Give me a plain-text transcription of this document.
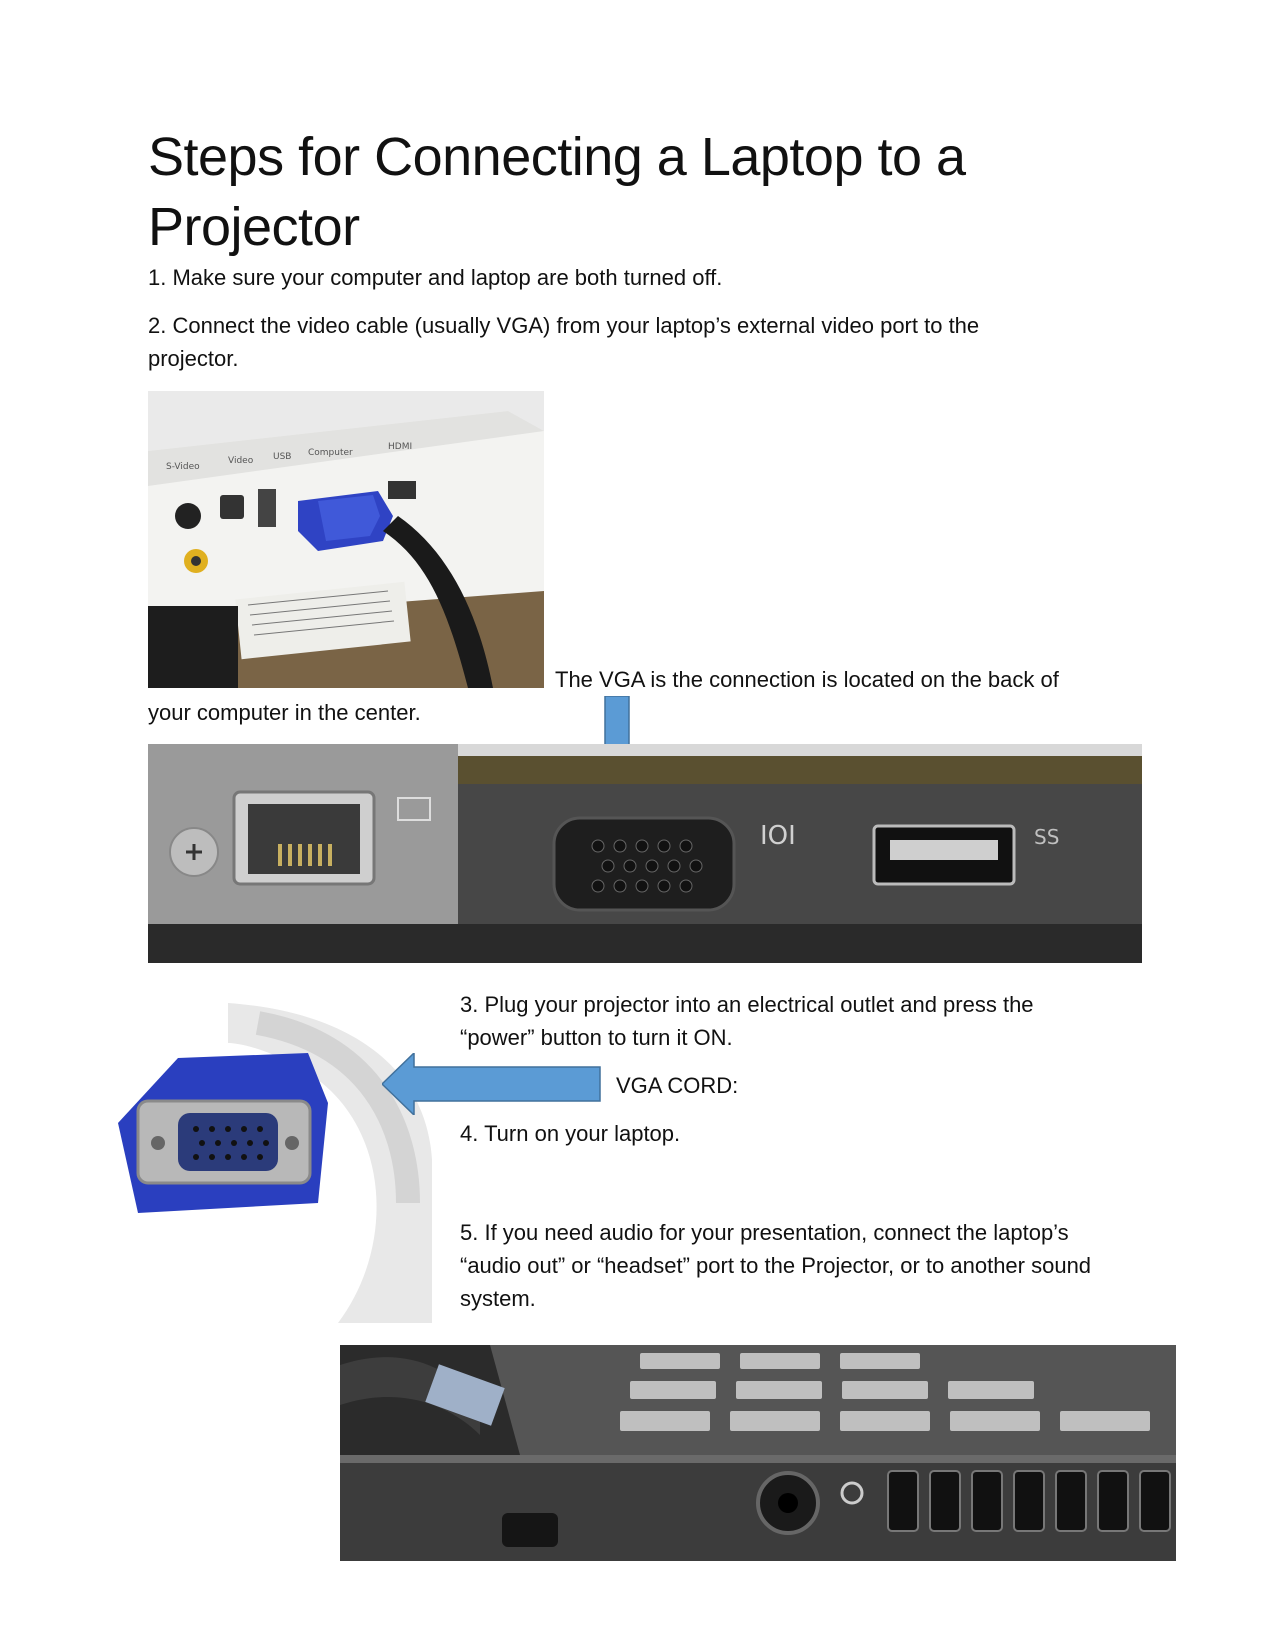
Steps for Connecting a Laptop to a Projector
1. Make sure your computer and laptop are both turned off.
2. Connect the video cable (usually VGA) from your laptop’s external video port to the projector.
S-Video
Video USB Computer
HDMI
The VGA is the connection is located on the back of
your computer in the center.
IOI	SS
3. Plug your projector into an electrical outlet and press the “power” button to turn it ON.
VGA CORD:
4. Turn on your laptop.
5. If you need audio for your presentation, connect the laptop’s “audio out” or “headset” port to the Projector, or to another sound system.
